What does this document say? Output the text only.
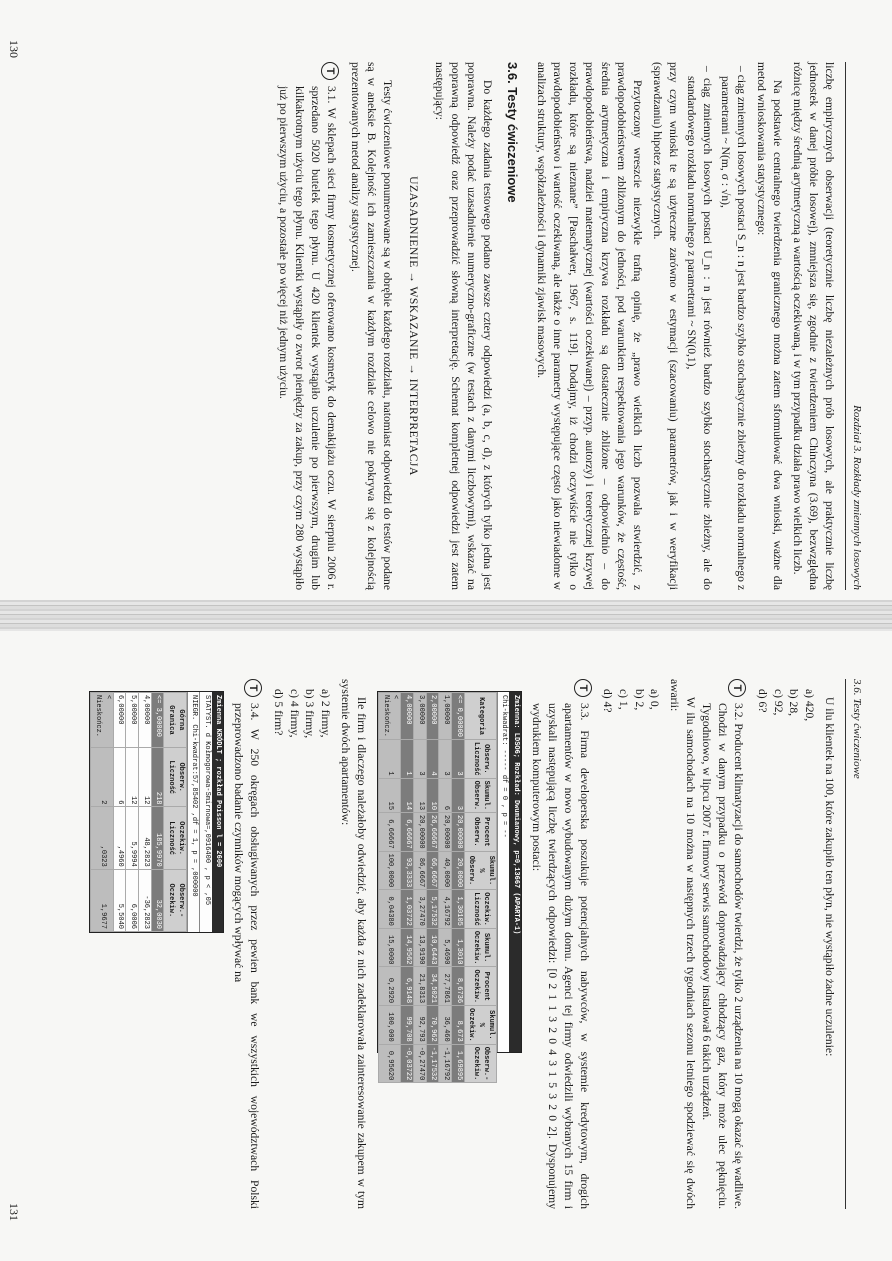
Rozdział 3. Rozkłady zmiennych losowych

liczbę empirycznych obserwacji (teoretycznie liczbę niezależnych prób losowych, ale praktycznie liczbę jednostek w danej próbie losowej), zmniejsza się, zgodnie z twierdzeniem Chinczyna (3.69), bezwzględna różnicę między średnią arytmetyczną a wartością oczekiwaną, i w tym przypadku działa prawo wielkich liczb.

Na podstawie centralnego twierdzenia granicznego można zatem sformułować dwa wnioski, ważne dla metod wnioskowania statystycznego:

– ciąg zmiennych losowych postaci S_n : n jest bardzo szybko stochastycznie zbieżny do rozkładu normalnego z parametrami ~ N(m, σ : √n),

– ciąg zmiennych losowych postaci U_n : n jest również bardzo szybko stochastycznie zbieżny, ale do standardowego rozkładu normalnego z parametrami ~ SN(0,1),

przy czym wnioski te są użyteczne zarówno w estymacji (szacowaniu) parametrów, jak i w weryfikacji (sprawdzaniu) hipotez statystycznych.

Przytoczony wreszcie niezwykle trafną opinię, że „prawo wielkich liczb pozwala stwierdzić, z prawdopodobieństwem zbliżonym do jedności, pod warunkiem respektowania jego warunków, że częstość, średnia arytmetyczna i empiryczna krzywa rozkładu są dostatecznie zbliżone – odpowiednio – do prawdopodobieństwa, nadziei matematycznej (wartości oczekiwanej) – przyp. autorzy) i teoretycznej krzywej rozkładu, które są nieznane” [Paschałwer, 1967, s. 119]. Dodajmy, iż chodzi oczywiście nie tylko o prawdopodobieństwo i wartość oczekiwaną, ale także o inne parametry występujące często jako niewiadome w analizach struktury, współzależności i dynamiki zjawisk masowych.

3.6. Testy ćwiczeniowe

Do każdego zadania testowego podano zawsze cztery odpowiedzi (a, b, c, d), z których tylko jedna jest poprawna. Należy podać uzasadnienie numeryczno-graficzne (w testach z danymi liczbowymi), wskazać na poprawną odpowiedź oraz przeprowadzić słowną interpretację. Schemat kompletnej odpowiedzi jest zatem następujący:

UZASADNIENIE → WSKAZANIE → INTERPRETACJA

Testy ćwiczeniowe ponumerowane są w obrębie każdego rozdziału, natomiast odpowiedzi do testów podane są w aneksie B. Kolejność ich zamieszczania w każdym rozdziale celowo nie pokrywa się z kolejnością prezentowanych metod analizy statystycznej.

T
3.1. W sklepach sieci firmy kosmetycznej oferowano kosmetyk do demakijażu oczu. W sierpniu 2006 r. sprzedano 5020 butelek tego płynu. U 420 klientek wystąpiło uczulenie po pierwszym, drugim lub kilkakrotnym użyciu tego płynu. Klientki wystąpiły o zwrot pieniędzy za zakup, przy czym 280 wystąpiło już po pierwszym użyciu, a pozostałe po więcej niż jednym użyciu.
130
3.6. Testy ćwiczeniowe

U ilu klientek na 100, które zakupiło ten płyn, nie wystąpiło żadne uczulenie:

a) 420,
b) 28,
c) 92,
d) 6?
T
3.2. Producent klimatyzacji do samochodów twierdzi, że tylko 2 urządzenia na 10 mogą okazać się wadliwe. Chodzi w danym przypadku o przewód doprowadzający chłodzący gaz, który może ulec pęknięciu. Tygodniowo, w lipcu 2007 r. firmowy serwis samochodowy instalował 6 takich urządzeń.

W ilu samochodach na 10 można w następnych trzech tygodniach sezonu letniego spodziewać się dwóch awarii:

a) 0,
b) 2,
c) 1,
d) 4?
T
3.3. Firma developerska poszukuje potencjalnych nabywców, w systemie kredytowym, drogich apartamentów w nowo wybudowanym dużym domu. Agenci tej firmy odwiedzili wybranych 15 firm i uzyskali następującą liczbę twierdzących odpowiedzi: [0 2 1 1 3 2 0 4 3 1 5 3 2 0 2]. Dysponujemy wydrukiem komputerowym postaci:
Zmienna: LDSO6; Rozkład: Dwumianowy, p=0,13667 (APARTA-1)
Chi-kwadrat: ----- df = 0 , p = --
Kategoria	Obserw. Liczność	Skumul. Obserw.	Procent Obserw.	Skumul. % Obserw.	Oczekiw. Liczność	Skumul. Oczekiw.	Procent Oczekiw.	Skumul. % Oczekiw.	Obserw.- Oczekiw.
<= 0,00000	3	3	20,00000	20,0000	1,30105	1,3010	8,6736	8,673	1,69895
1,00000	3	6	20,00000	40,0000	4,16792	5,4690	27,7861	36,460	-1,16792
2,00000	4	10	26,66667	66,6667	5,17532	10,6443	34,5021	70,962	-1,17532
3,00000	3	13	20,00000	86,6667	3,27470	13,9190	21,8313	92,793	-0,27470
4,00000	1	14	6,66667	93,3333	1,03722	14,9562	6,9148	99,708	-0,03722
< Nieskończ.	1	15	6,66667	100,0000	0,04380	15,0000	0,2920	100,000	0,95620

Ile firm i dlaczego należałoby odwiedzić, aby każda z nich zadeklarowała zainteresowanie zakupem w tym systemie dwóch apartamentów:

a) 2 firmy,
b) 3 firmy,
c) 4 firmy,
d) 5 firm?
T
3.4. W 250 okręgach obsługiwanych przez pewien bank we wszystkich województwach Polski przeprowadzono badanie czynników mogących wpływać na
Zmienna KRÓDLT ; rozkład Poisson l = 2600
STATYST. d Kołmogorowa-Smirnowa=,0916400 , p < ,05
NIEGR. Chi-kwadrat:57,85402 ,df = 1, p = ,000000
Górna Granica	Obserw. Liczność	Oczekiw. Liczność	Obserw.- Oczekiw.
<= 3,00000	218	185,9970	32,0030
4,00000	12	48,2823	-36,2823
5,00000	12	5,9994	6,0006
6,00000	6	,4960	5,5040
< Nieskończ.	2	,0323	1,9677
131
